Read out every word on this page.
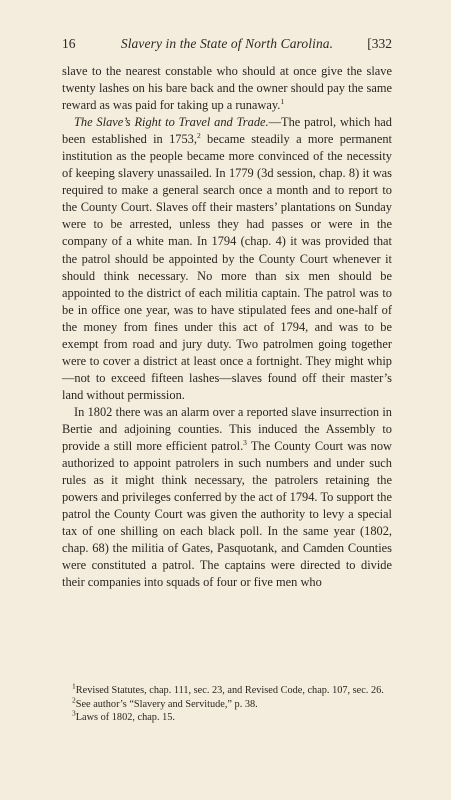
16	Slavery in the State of North Carolina.	[332

slave to the nearest constable who should at once give the slave twenty lashes on his bare back and the owner should pay the same reward as was paid for taking up a runaway.$^1$

The Slave’s Right to Travel and Trade.—The patrol, which had been established in 1753,$^2$ became steadily a more permanent institution as the people became more convinced of the necessity of keeping slavery unassailed. In 1779 (3d session, chap. 8) it was required to make a general search once a month and to report to the County Court. Slaves off their masters’ plantations on Sunday were to be arrested, unless they had passes or were in the company of a white man. In 1794 (chap. 4) it was provided that the patrol should be appointed by the County Court whenever it should think necessary. No more than six men should be appointed to the district of each militia captain. The patrol was to be in office one year, was to have stipulated fees and one-half of the money from fines under this act of 1794, and was to be exempt from road and jury duty. Two patrolmen going together were to cover a district at least once a fortnight. They might whip—not to exceed fifteen lashes—slaves found off their master’s land without permission.

In 1802 there was an alarm over a reported slave insurrection in Bertie and adjoining counties. This induced the Assembly to provide a still more efficient patrol.$^3$ The County Court was now authorized to appoint patrolers in such numbers and under such rules as it might think necessary, the patrolers retaining the powers and privileges conferred by the act of 1794. To support the patrol the County Court was given the authority to levy a special tax of one shilling on each black poll. In the same year (1802, chap. 68) the militia of Gates, Pasquotank, and Camden Counties were constituted a patrol. The captains were directed to divide their companies into squads of four or five men who

$^1$Revised Statutes, chap. 111, sec. 23, and Revised Code, chap. 107, sec. 26.

$^2$See author’s “Slavery and Servitude,” p. 38.

$^3$Laws of 1802, chap. 15.
